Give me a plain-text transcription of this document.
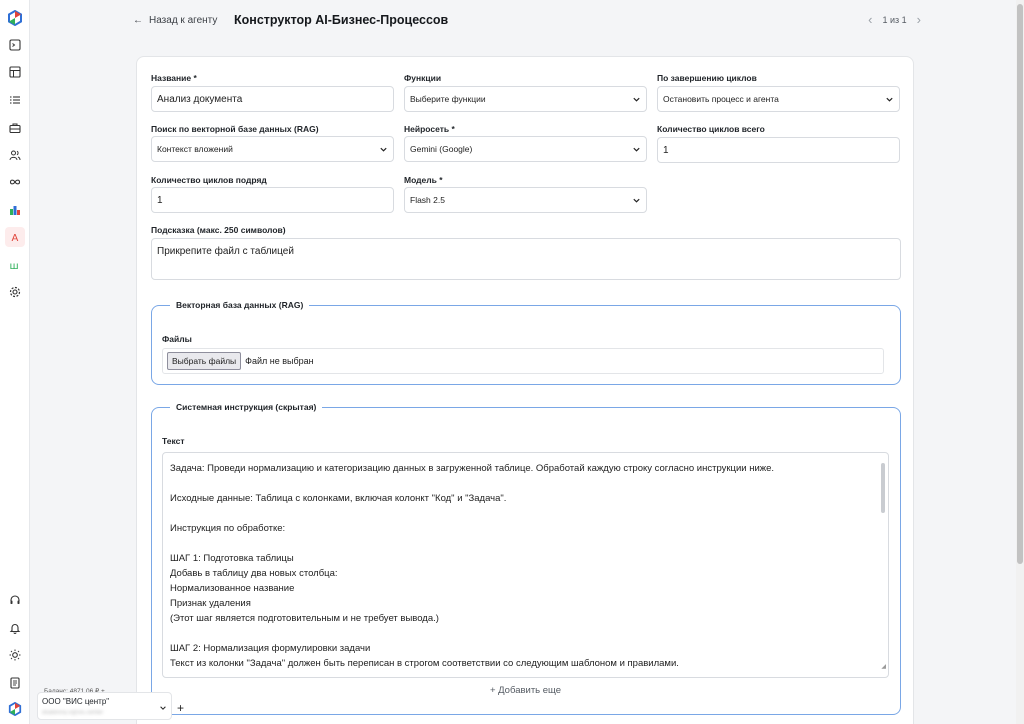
A
ш
← Назад к агенту Конструктор AI-Бизнес-Процессов	‹ 1 из 1 ›
Название *
Анализ документа
Функции
Выберите функции
По завершению циклов
Остановить процесс и агента
Поиск по векторной базе данных (RAG)
Контекст вложений
Нейросеть *
Gemini (Google)
Количество циклов всего
1
Количество циклов подряд
1
Модель *
Flash 2.5
Подсказка (макс. 250 символов)
Прикрепите файл с таблицей
Векторная база данных (RAG)
Файлы
Выбрать файлы	Файл не выбран
Системная инструкция (скрытая)
Текст
Задача: Проведи нормализацию и категоризацию данных в загруженной таблице. Обработай каждую строку согласно инструкции ниже.
Исходные данные: Таблица с колонками, включая колонкт "Код" и "Задача".
Инструкция по обработке:
ШАГ 1: Подготовка таблицы
Добавь в таблицу два новых столбца:
Нормализованное название
Признак удаления
(Этот шаг является подготовительным и не требует вывода.)
ШАГ 2: Нормализация формулировки задачи
Текст из колонки "Задача" должен быть переписан в строгом соответствии со следующим шаблоном и правилами.	◢
+ Добавить еще
ООО "ВИС центр"
ekaterina.v@vis.center	+
